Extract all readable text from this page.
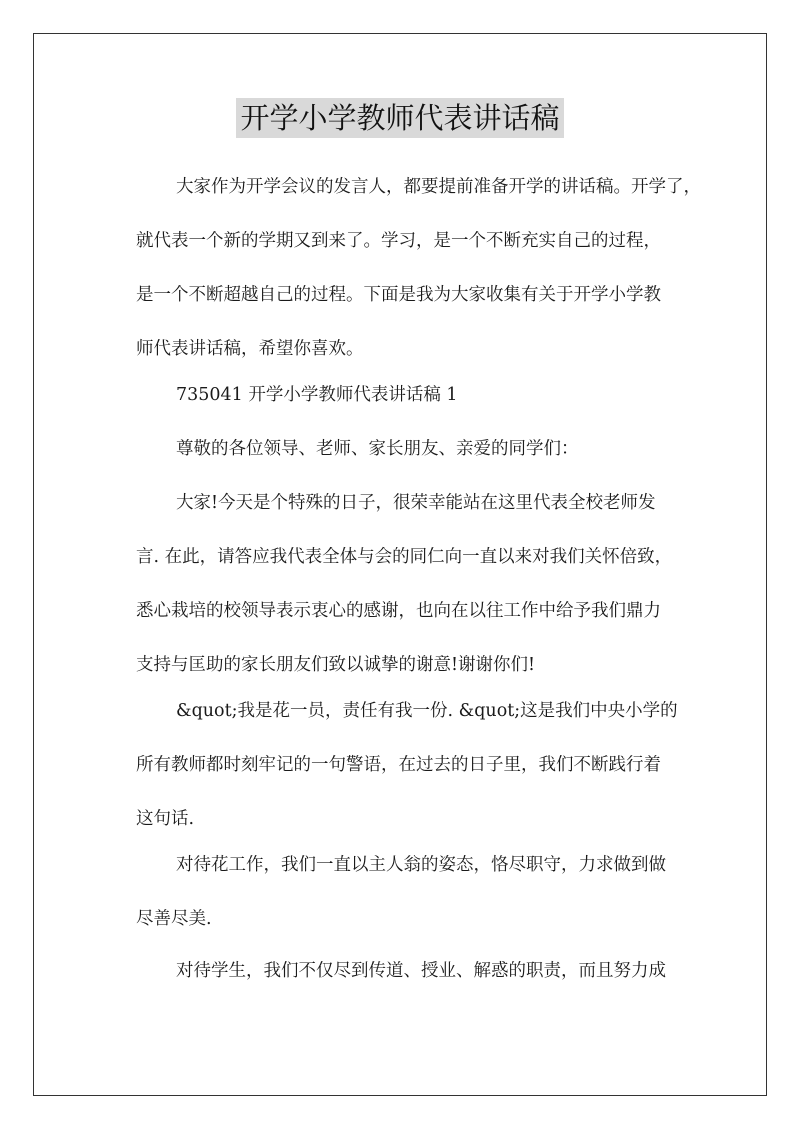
开学小学教师代表讲话稿
大家作为开学会议的发言人，都要提前准备开学的讲话稿。开学了，
就代表一个新的学期又到来了。学习，是一个不断充实自己的过程，
是一个不断超越自己的过程。下面是我为大家收集有关于开学小学教
师代表讲话稿，希望你喜欢。
735041 开学小学教师代表讲话稿 1
尊敬的各位领导、老师、家长朋友、亲爱的同学们：
大家!今天是个特殊的日子，很荣幸能站在这里代表全校老师发
言. 在此，请答应我代表全体与会的同仁向一直以来对我们关怀倍致，
悉心栽培的校领导表示衷心的感谢，也向在以往工作中给予我们鼎力
支持与匡助的家长朋友们致以诚挚的谢意!谢谢你们!
&quot;我是花一员，责任有我一份. &quot;这是我们中央小学的
所有教师都时刻牢记的一句警语，在过去的日子里，我们不断践行着
这句话.
对待花工作，我们一直以主人翁的姿态，恪尽职守，力求做到做
尽善尽美.
对待学生，我们不仅尽到传道、授业、解惑的职责，而且努力成
